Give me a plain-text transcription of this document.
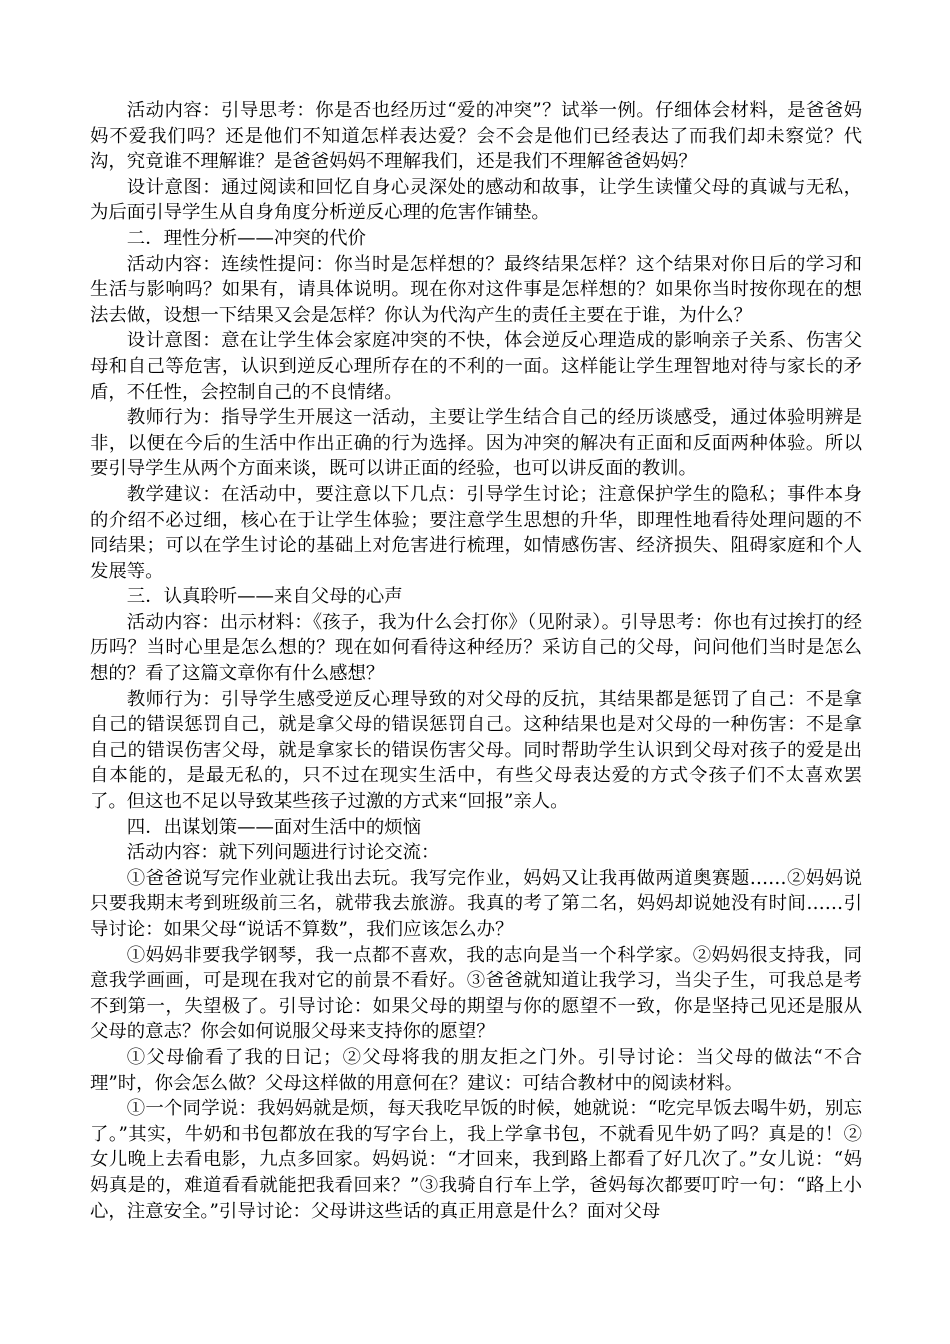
活动内容：引导思考：你是否也经历过“爱的冲突”？试举一例。仔细体会材料，是爸爸妈妈不爱我们吗？还是他们不知道怎样表达爱？会不会是他们已经表达了而我们却未察觉？代沟，究竟谁不理解谁？是爸爸妈妈不理解我们，还是我们不理解爸爸妈妈？

设计意图：通过阅读和回忆自身心灵深处的感动和故事，让学生读懂父母的真诚与无私，为后面引导学生从自身角度分析逆反心理的危害作铺垫。

二．理性分析——冲突的代价

活动内容：连续性提问：你当时是怎样想的？最终结果怎样？这个结果对你日后的学习和生活与影响吗？如果有，请具体说明。现在你对这件事是怎样想的？如果你当时按你现在的想法去做，设想一下结果又会是怎样？你认为代沟产生的责任主要在于谁，为什么？

设计意图：意在让学生体会家庭冲突的不快，体会逆反心理造成的影响亲子关系、伤害父母和自己等危害，认识到逆反心理所存在的不利的一面。这样能让学生理智地对待与家长的矛盾，不任性，会控制自己的不良情绪。

教师行为：指导学生开展这一活动，主要让学生结合自己的经历谈感受，通过体验明辨是非，以便在今后的生活中作出正确的行为选择。因为冲突的解决有正面和反面两种体验。所以要引导学生从两个方面来谈，既可以讲正面的经验，也可以讲反面的教训。

教学建议：在活动中，要注意以下几点：引导学生讨论；注意保护学生的隐私；事件本身的介绍不必过细，核心在于让学生体验；要注意学生思想的升华，即理性地看待处理问题的不同结果；可以在学生讨论的基础上对危害进行梳理，如情感伤害、经济损失、阻碍家庭和个人发展等。

三．认真聆听——来自父母的心声

活动内容：出示材料：《孩子，我为什么会打你》（见附录）。引导思考：你也有过挨打的经历吗？当时心里是怎么想的？现在如何看待这种经历？采访自己的父母，问问他们当时是怎么想的？看了这篇文章你有什么感想？

教师行为：引导学生感受逆反心理导致的对父母的反抗，其结果都是惩罚了自己：不是拿自己的错误惩罚自己，就是拿父母的错误惩罚自己。这种结果也是对父母的一种伤害：不是拿自己的错误伤害父母，就是拿家长的错误伤害父母。同时帮助学生认识到父母对孩子的爱是出自本能的，是最无私的，只不过在现实生活中，有些父母表达爱的方式令孩子们不太喜欢罢了。但这也不足以导致某些孩子过激的方式来“回报”亲人。

四．出谋划策——面对生活中的烦恼

活动内容：就下列问题进行讨论交流：

①爸爸说写完作业就让我出去玩。我写完作业，妈妈又让我再做两道奥赛题……②妈妈说只要我期末考到班级前三名，就带我去旅游。我真的考了第二名，妈妈却说她没有时间……引导讨论：如果父母“说话不算数”，我们应该怎么办？

①妈妈非要我学钢琴，我一点都不喜欢，我的志向是当一个科学家。②妈妈很支持我，同意我学画画，可是现在我对它的前景不看好。③爸爸就知道让我学习，当尖子生，可我总是考不到第一，失望极了。引导讨论：如果父母的期望与你的愿望不一致，你是坚持己见还是服从父母的意志？你会如何说服父母来支持你的愿望？

①父母偷看了我的日记；②父母将我的朋友拒之门外。引导讨论：当父母的做法“不合理”时，你会怎么做？父母这样做的用意何在？建议：可结合教材中的阅读材料。

①一个同学说：我妈妈就是烦，每天我吃早饭的时候，她就说：“吃完早饭去喝牛奶，别忘了。”其实，牛奶和书包都放在我的写字台上，我上学拿书包，不就看见牛奶了吗？真是的！②女儿晚上去看电影，九点多回家。妈妈说：“才回来，我到路上都看了好几次了。”女儿说：“妈妈真是的，难道看看就能把我看回来？”③我骑自行车上学，爸妈每次都要叮咛一句：“路上小心，注意安全。”引导讨论：父母讲这些话的真正用意是什么？面对父母
